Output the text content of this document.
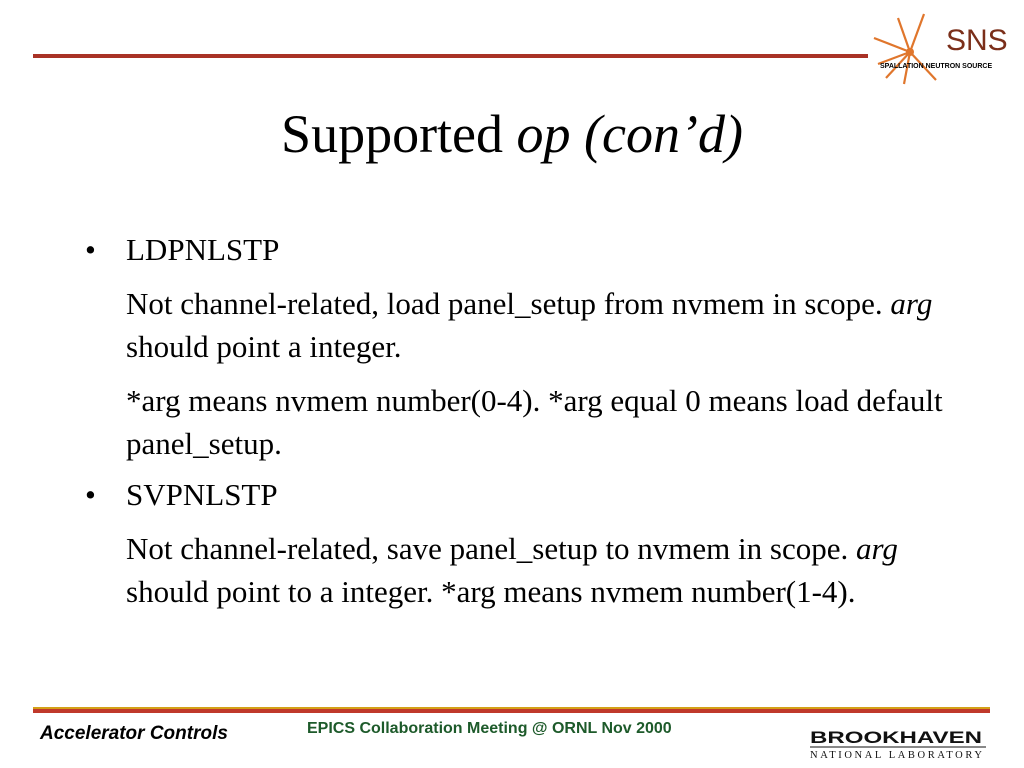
SNS
SPALLATION NEUTRON SOURCE
Supported op (con’d)
• LDPNLSTP
Not channel-related, load panel_setup from nvmem in scope. arg should point a integer.
*arg means nvmem number(0-4). *arg equal 0 means load default panel_setup.
• SVPNLSTP
Not channel-related, save panel_setup to nvmem in scope. arg should point to a integer. *arg means nvmem number(1-4).
Accelerator Controls	EPICS Collaboration Meeting @ ORNL Nov 2000	BROOKHAVEN
NATIONAL LABORATORY
